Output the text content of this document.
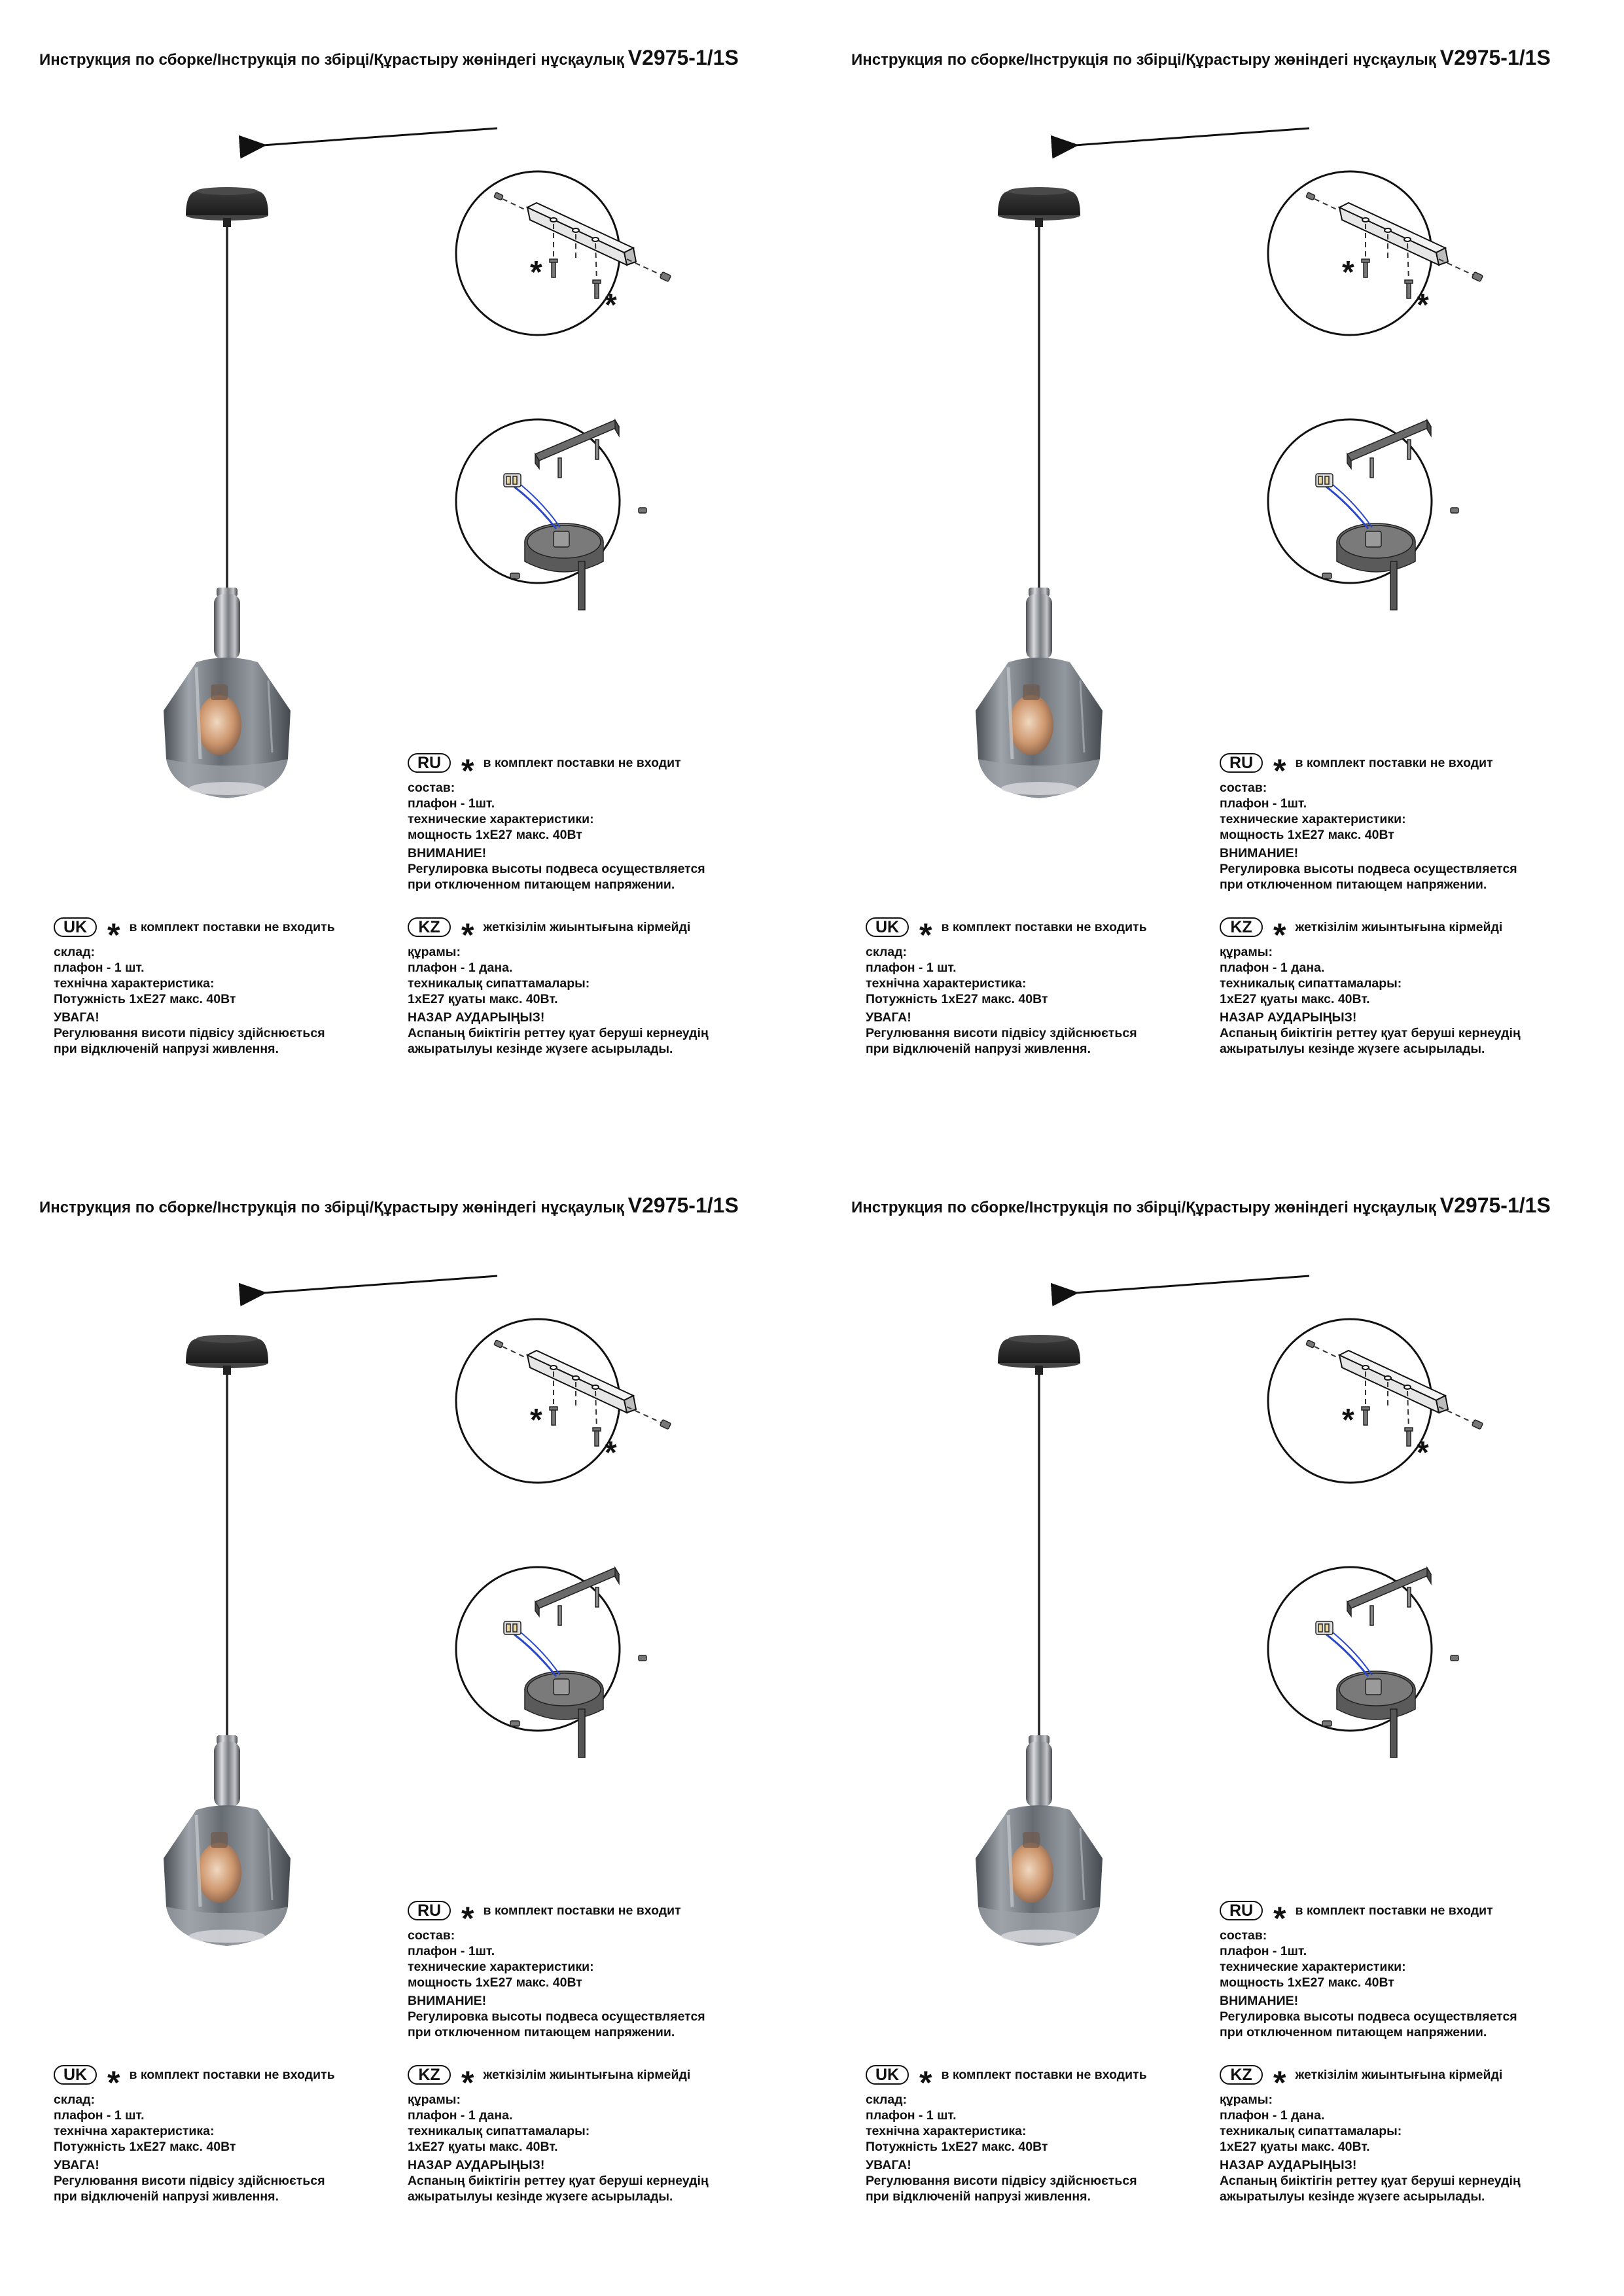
Инструкция по сборке/Інструкція по збірці/Құрастыру жөніндегі нұсқаулық V2975-1/1S
RU * в комплект поставки не входит
состав:
плафон - 1шт.
технические характеристики:
мощность 1хЕ27 макс. 40Вт
ВНИМАНИЕ!
Регулировка высоты подвеса осуществляется
при отключенном питающем напряжении.
UK * в комплект поставки не входить
склад:
плафон - 1 шт.
технічна характеристика:
Потужність 1хЕ27 макс. 40Вт
УВАГА!
Регулювання висоти підвісу здійснюється
при відключеній напрузі живлення.
KZ * жеткізілім жиынтығына кірмейді
құрамы:
плафон - 1 дана.
техникалық сипаттамалары:
1хЕ27 қуаты макс. 40Вт.
НАЗАР АУДАРЫҢЫЗ!
Аспаның биіктігін реттеу қуат беруші кернеудің
ажыратылуы кезінде жүзеге асырылады.
Инструкция по сборке/Інструкція по збірці/Құрастыру жөніндегі нұсқаулық V2975-1/1S
RU * в комплект поставки не входит
состав:
плафон - 1шт.
технические характеристики:
мощность 1хЕ27 макс. 40Вт
ВНИМАНИЕ!
Регулировка высоты подвеса осуществляется
при отключенном питающем напряжении.
UK * в комплект поставки не входить
склад:
плафон - 1 шт.
технічна характеристика:
Потужність 1хЕ27 макс. 40Вт
УВАГА!
Регулювання висоти підвісу здійснюється
при відключеній напрузі живлення.
KZ * жеткізілім жиынтығына кірмейді
құрамы:
плафон - 1 дана.
техникалық сипаттамалары:
1хЕ27 қуаты макс. 40Вт.
НАЗАР АУДАРЫҢЫЗ!
Аспаның биіктігін реттеу қуат беруші кернеудің
ажыратылуы кезінде жүзеге асырылады.
Инструкция по сборке/Інструкція по збірці/Құрастыру жөніндегі нұсқаулық V2975-1/1S
RU * в комплект поставки не входит
состав:
плафон - 1шт.
технические характеристики:
мощность 1хЕ27 макс. 40Вт
ВНИМАНИЕ!
Регулировка высоты подвеса осуществляется
при отключенном питающем напряжении.
UK * в комплект поставки не входить
склад:
плафон - 1 шт.
технічна характеристика:
Потужність 1хЕ27 макс. 40Вт
УВАГА!
Регулювання висоти підвісу здійснюється
при відключеній напрузі живлення.
KZ * жеткізілім жиынтығына кірмейді
құрамы:
плафон - 1 дана.
техникалық сипаттамалары:
1хЕ27 қуаты макс. 40Вт.
НАЗАР АУДАРЫҢЫЗ!
Аспаның биіктігін реттеу қуат беруші кернеудің
ажыратылуы кезінде жүзеге асырылады.
Инструкция по сборке/Інструкція по збірці/Құрастыру жөніндегі нұсқаулық V2975-1/1S
RU * в комплект поставки не входит
состав:
плафон - 1шт.
технические характеристики:
мощность 1хЕ27 макс. 40Вт
ВНИМАНИЕ!
Регулировка высоты подвеса осуществляется
при отключенном питающем напряжении.
UK * в комплект поставки не входить
склад:
плафон - 1 шт.
технічна характеристика:
Потужність 1хЕ27 макс. 40Вт
УВАГА!
Регулювання висоти підвісу здійснюється
при відключеній напрузі живлення.
KZ * жеткізілім жиынтығына кірмейді
құрамы:
плафон - 1 дана.
техникалық сипаттамалары:
1хЕ27 қуаты макс. 40Вт.
НАЗАР АУДАРЫҢЫЗ!
Аспаның биіктігін реттеу қуат беруші кернеудің
ажыратылуы кезінде жүзеге асырылады.
